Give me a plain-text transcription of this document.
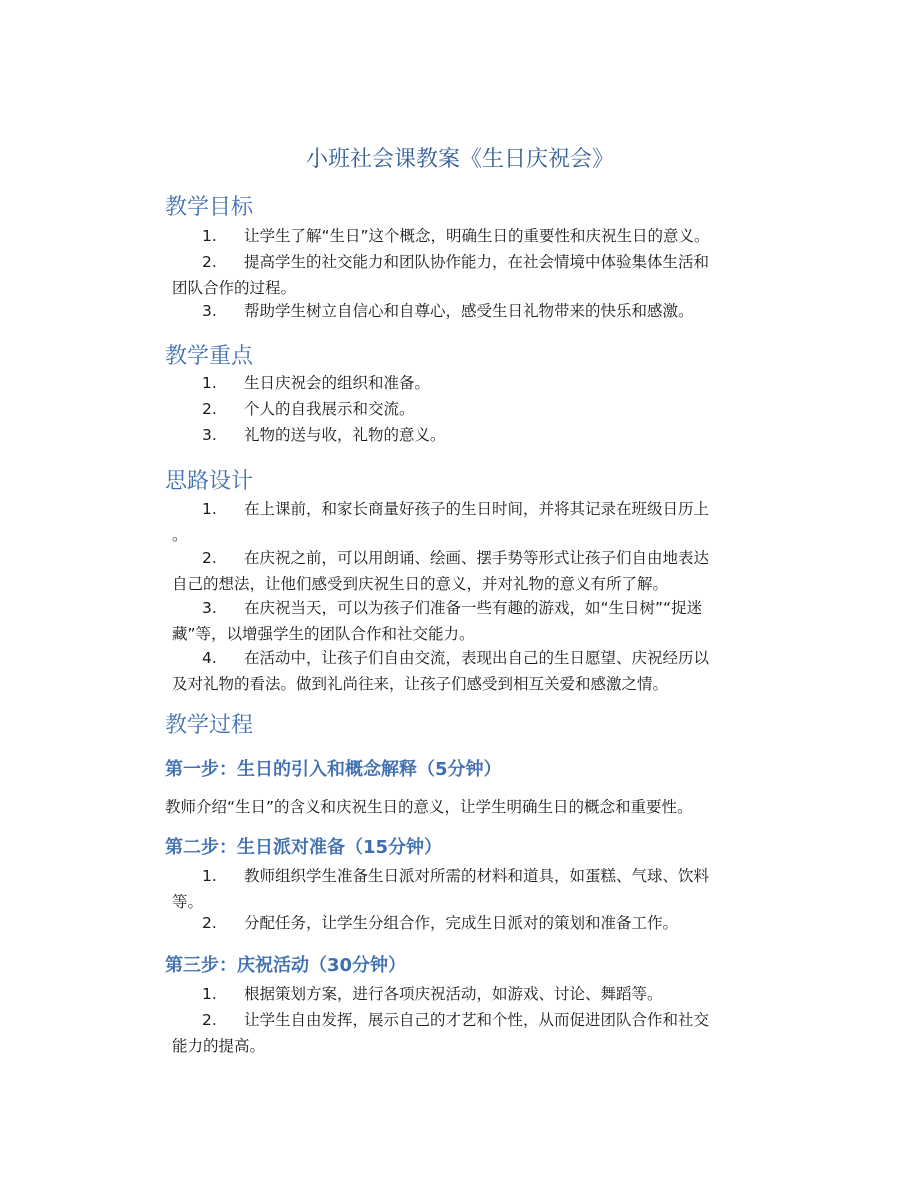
小班社会课教案《生日庆祝会》
教学目标
1.	让学生了解“生日”这个概念，明确生日的重要性和庆祝生日的意义。
2.	提高学生的社交能力和团队协作能力，在社会情境中体验集体生活和
团队合作的过程。
3.	帮助学生树立自信心和自尊心，感受生日礼物带来的快乐和感激。
教学重点
1.	生日庆祝会的组织和准备。
2.	个人的自我展示和交流。
3.	礼物的送与收，礼物的意义。
思路设计
1.	在上课前，和家长商量好孩子的生日时间，并将其记录在班级日历上
。
2.	在庆祝之前，可以用朗诵、绘画、摆手势等形式让孩子们自由地表达
自己的想法，让他们感受到庆祝生日的意义，并对礼物的意义有所了解。
3.	在庆祝当天，可以为孩子们准备一些有趣的游戏，如“生日树”“捉迷
藏”等，以增强学生的团队合作和社交能力。
4.	在活动中，让孩子们自由交流，表现出自己的生日愿望、庆祝经历以
及对礼物的看法。做到礼尚往来，让孩子们感受到相互关爱和感激之情。
教学过程
第一步：生日的引入和概念解释（5分钟）
教师介绍“生日”的含义和庆祝生日的意义，让学生明确生日的概念和重要性。
第二步：生日派对准备（15分钟）
1.	教师组织学生准备生日派对所需的材料和道具，如蛋糕、气球、饮料
等。
2.	分配任务，让学生分组合作，完成生日派对的策划和准备工作。
第三步：庆祝活动（30分钟）
1.	根据策划方案，进行各项庆祝活动，如游戏、讨论、舞蹈等。
2.	让学生自由发挥，展示自己的才艺和个性，从而促进团队合作和社交
能力的提高。
